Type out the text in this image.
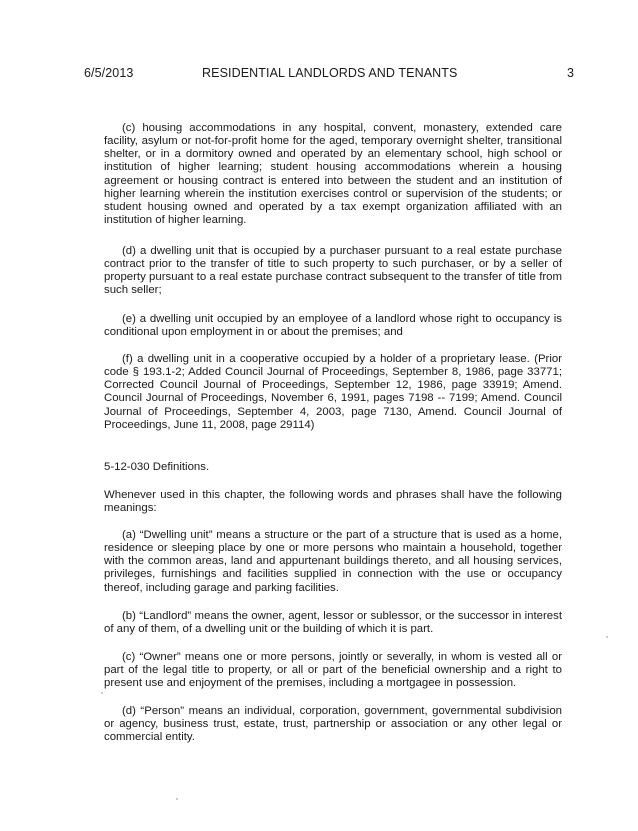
6/5/2013	RESIDENTIAL LANDLORDS AND TENANTS	3

(c) housing accommodations in any hospital, convent, monastery, extended care facility, asylum or not-for-profit home for the aged, temporary overnight shelter, transitional shelter, or in a dormitory owned and operated by an elementary school, high school or institution of higher learning; student housing accommodations wherein a housing agreement or housing contract is entered into between the student and an institution of higher learning wherein the institution exercises control or supervision of the students; or student housing owned and operated by a tax exempt organization affiliated with an institution of higher learning.

(d) a dwelling unit that is occupied by a purchaser pursuant to a real estate purchase contract prior to the transfer of title to such property to such purchaser, or by a seller of property pursuant to a real estate purchase contract subsequent to the transfer of title from such seller;

(e) a dwelling unit occupied by an employee of a landlord whose right to occupancy is conditional upon employment in or about the premises; and

(f) a dwelling unit in a cooperative occupied by a holder of a proprietary lease. (Prior code § 193.1-2; Added Council Journal of Proceedings, September 8, 1986, page 33771; Corrected Council Journal of Proceedings, September 12, 1986, page 33919; Amend. Council Journal of Proceedings, November 6, 1991, pages 7198 -- 7199; Amend. Council Journal of Proceedings, September 4, 2003, page 7130, Amend. Council Journal of Proceedings, June 11, 2008, page 29114)

5-12-030 Definitions.

Whenever used in this chapter, the following words and phrases shall have the following meanings:

(a) “Dwelling unit” means a structure or the part of a structure that is used as a home, residence or sleeping place by one or more persons who maintain a household, together with the common areas, land and appurtenant buildings thereto, and all housing services, privileges, furnishings and facilities supplied in connection with the use or occupancy thereof, including garage and parking facilities.

(b) “Landlord” means the owner, agent, lessor or sublessor, or the successor in interest of any of them, of a dwelling unit or the building of which it is part.

(c) “Owner” means one or more persons, jointly or severally, in whom is vested all or part of the legal title to property, or all or part of the beneficial ownership and a right to present use and enjoyment of the premises, including a mortgagee in possession.

(d) “Person” means an individual, corporation, government, governmental subdivision or agency, business trust, estate, trust, partnership or association or any other legal or commercial entity.
